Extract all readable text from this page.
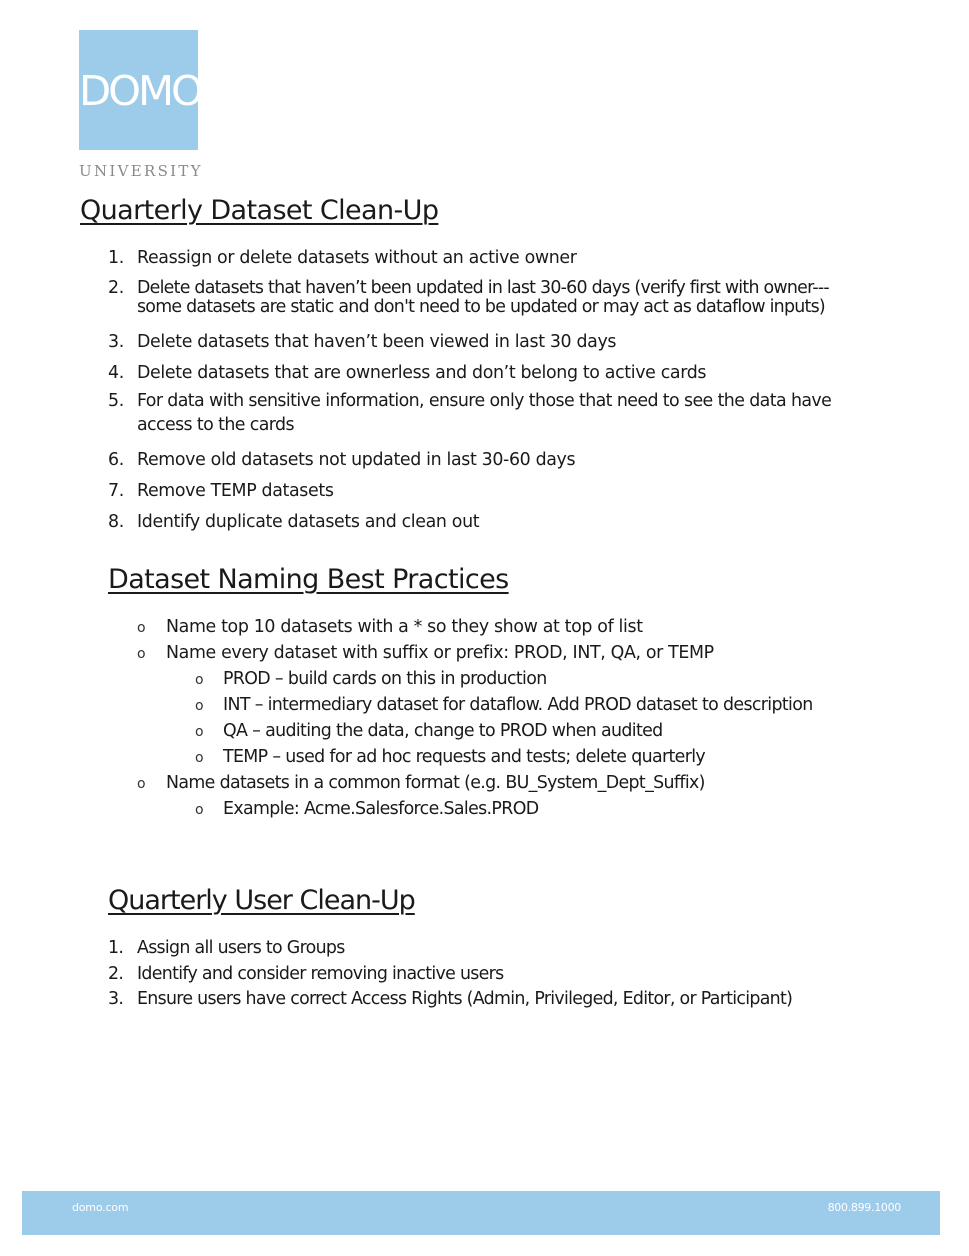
DOMO
UNIVERSITY
Quarterly Dataset Clean-Up
1. Reassign or delete datasets without an active owner
2. Delete datasets that haven’t been updated in last 30-60 days (verify first with owner---
some datasets are static and don't need to be updated or may act as dataflow inputs)
3. Delete datasets that haven’t been viewed in last 30 days
4. Delete datasets that are ownerless and don’t belong to active cards
5. For data with sensitive information, ensure only those that need to see the data have
access to the cards
6. Remove old datasets not updated in last 30-60 days
7. Remove TEMP datasets
8. Identify duplicate datasets and clean out
Dataset Naming Best Practices
o Name top 10 datasets with a * so they show at top of list
o Name every dataset with suffix or prefix: PROD, INT, QA, or TEMP
o PROD – build cards on this in production
o INT – intermediary dataset for dataflow. Add PROD dataset to description
o QA – auditing the data, change to PROD when audited
o TEMP – used for ad hoc requests and tests; delete quarterly
o Name datasets in a common format (e.g. BU_System_Dept_Suffix)
o Example: Acme.Salesforce.Sales.PROD
Quarterly User Clean-Up
1. Assign all users to Groups
2. Identify and consider removing inactive users
3. Ensure users have correct Access Rights (Admin, Privileged, Editor, or Participant)
domo.com	800.899.1000
